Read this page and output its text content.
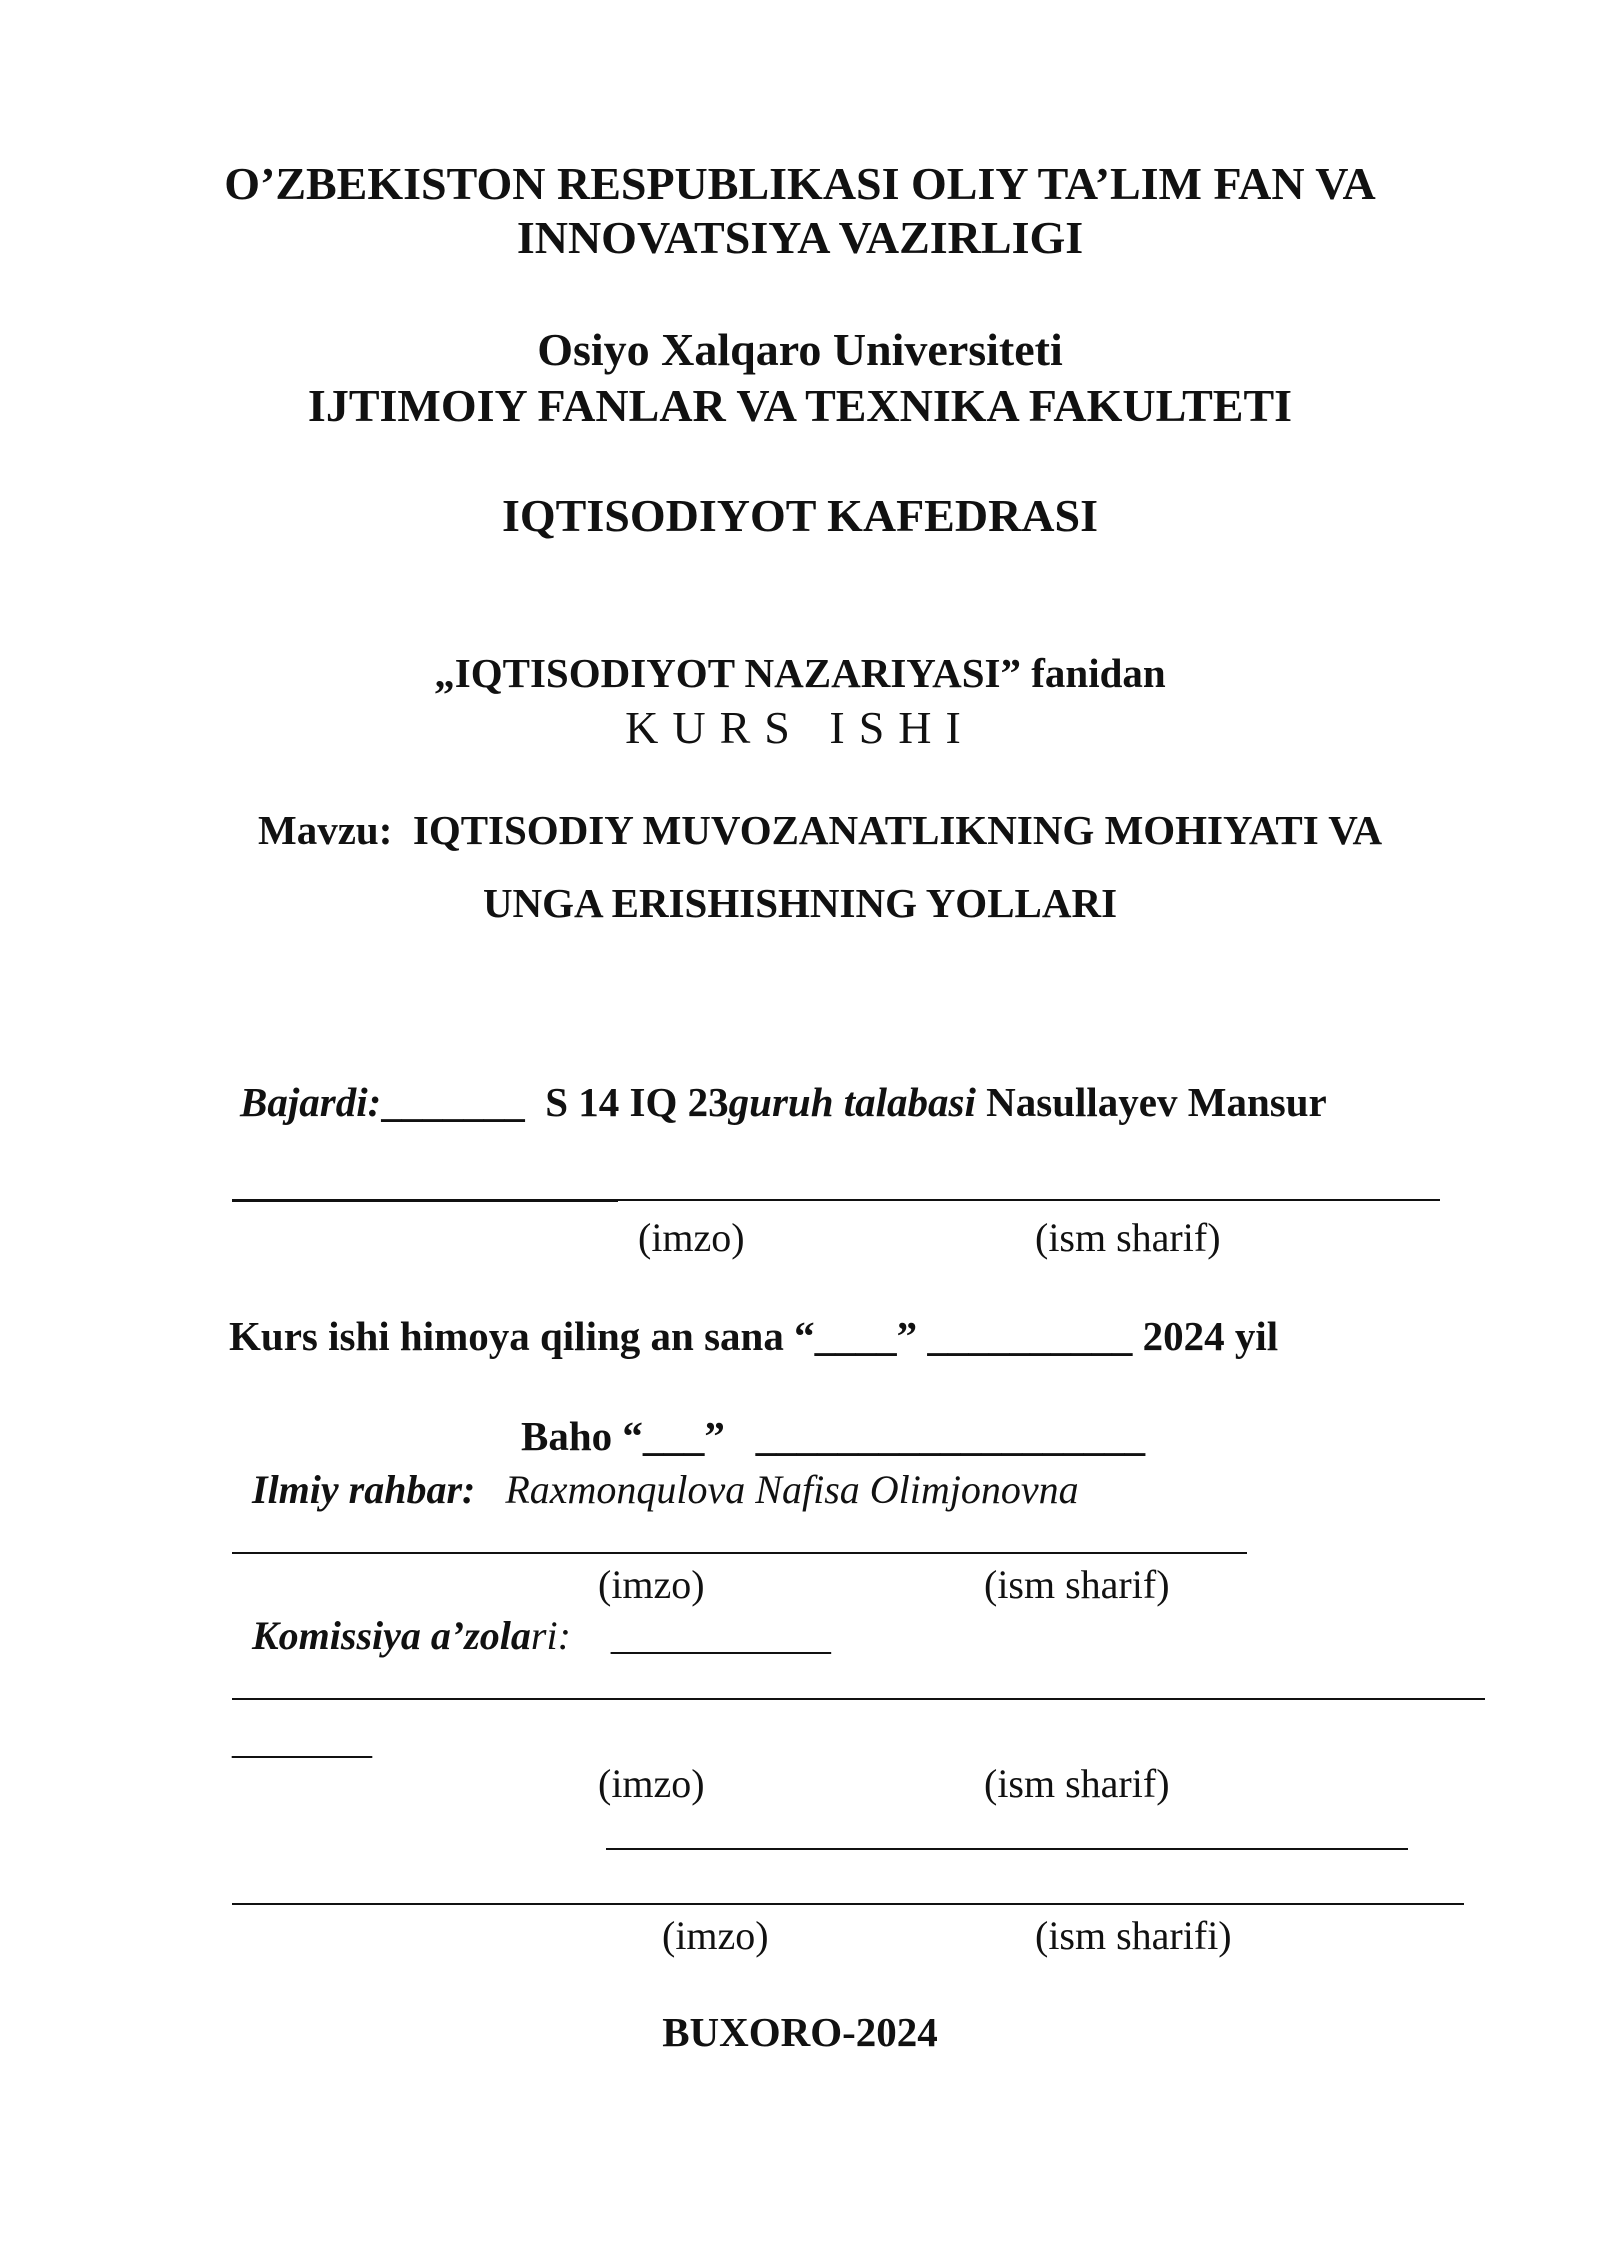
O’ZBEKISTON RESPUBLIKASI OLIY TA’LIM FAN VA
INNOVATSIYA VAZIRLIGI
Osiyo Xalqaro Universiteti
IJTIMOIY FANLAR VA TEXNIKA FAKULTETI
IQTISODIYOT KAFEDRASI
„IQTISODIYOT NAZARIYASI” fanidan
KURS ISHI
Mavzu: IQTISODIY MUVOZANATLIKNING MOHIYATI VA
UNGA ERISHISHNING YOLLARI
Bajardi:_______ S 14 IQ 23guruh talabasi Nasullayev Mansur
(imzo)	(ism sharif)
Kurs ishi himoya qiling an sana “____” __________ 2024 yil
Baho “___” ___________________
Ilmiy rahbar: Raxmonqulova Nafisa Olimjonovna
(imzo)	(ism sharif)
Komissiya a’zolari: ___________
_______
(imzo)	(ism sharif)
(imzo)	(ism sharifi)
BUXORO-2024
